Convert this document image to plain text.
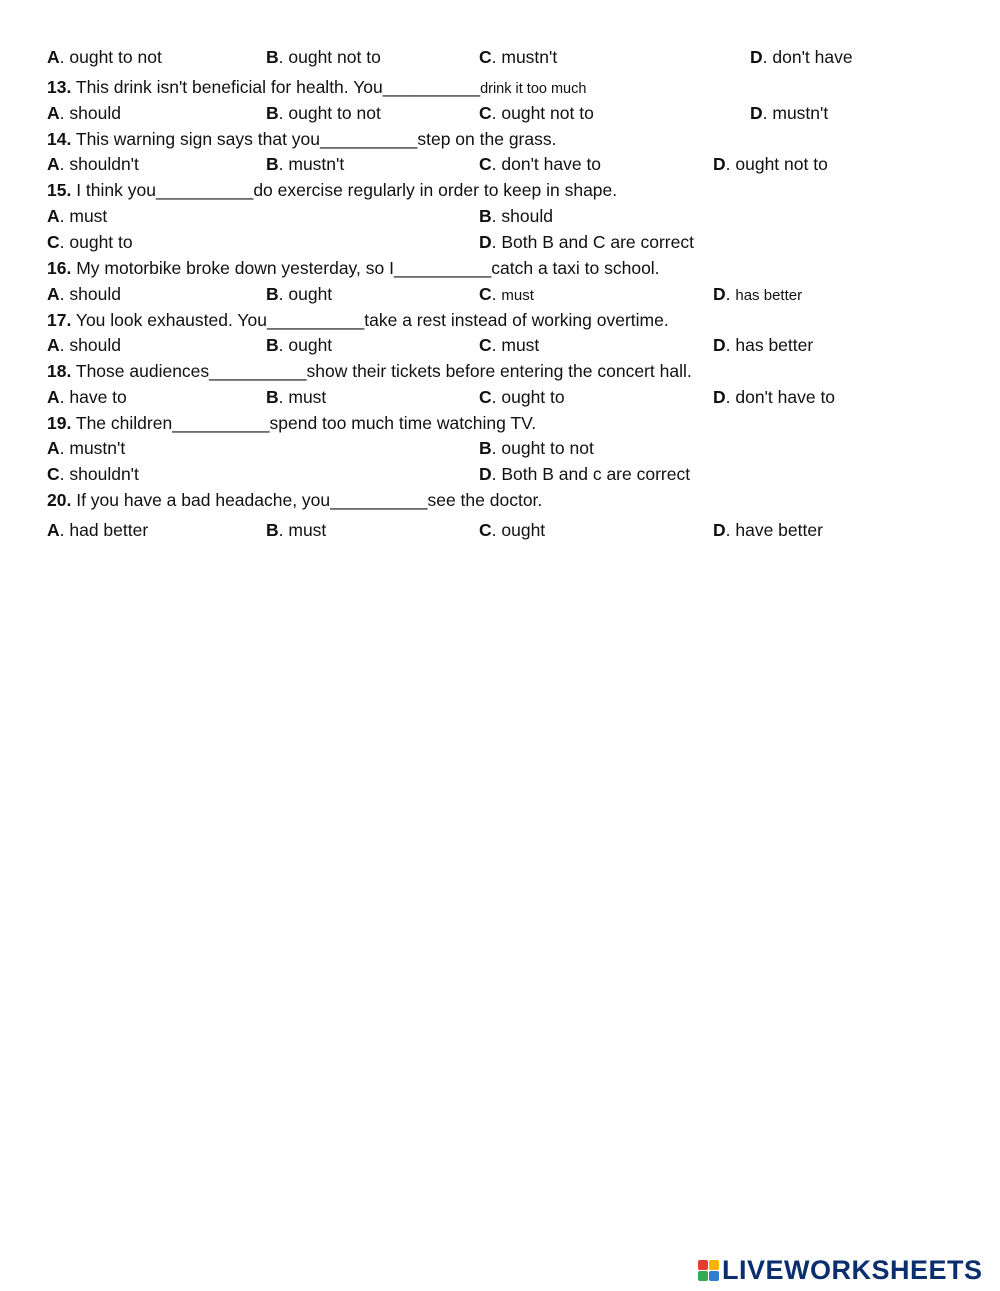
A. ought to not	B. ought not to	C. mustn't	D. don't have
13. This drink isn't beneficial for health. You__________drink it too much
A. should	B. ought to not	C. ought not to	D. mustn't
14. This warning sign says that you__________step on the grass.
A. shouldn't	B. mustn't	C. don't have to	D. ought not to
15. I think you__________do exercise regularly in order to keep in shape.
A. must	B. should
C. ought to	D. Both B and C are correct
16. My motorbike broke down yesterday, so I__________catch a taxi to school.
A. should	B. ought	C. must	D. has better
17. You look exhausted. You__________take a rest instead of working overtime.
A. should	B. ought	C. must	D. has better
18. Those audiences__________show their tickets before entering the concert hall.
A. have to	B. must	C. ought to	D. don't have to
19. The children__________spend too much time watching TV.
A. mustn't	B. ought to not
C. shouldn't	D. Both B and c are correct
20. If you have a bad headache, you__________see the doctor.
A. had better	B. must	C. ought	D. have better
LIVEWORKSHEETS
